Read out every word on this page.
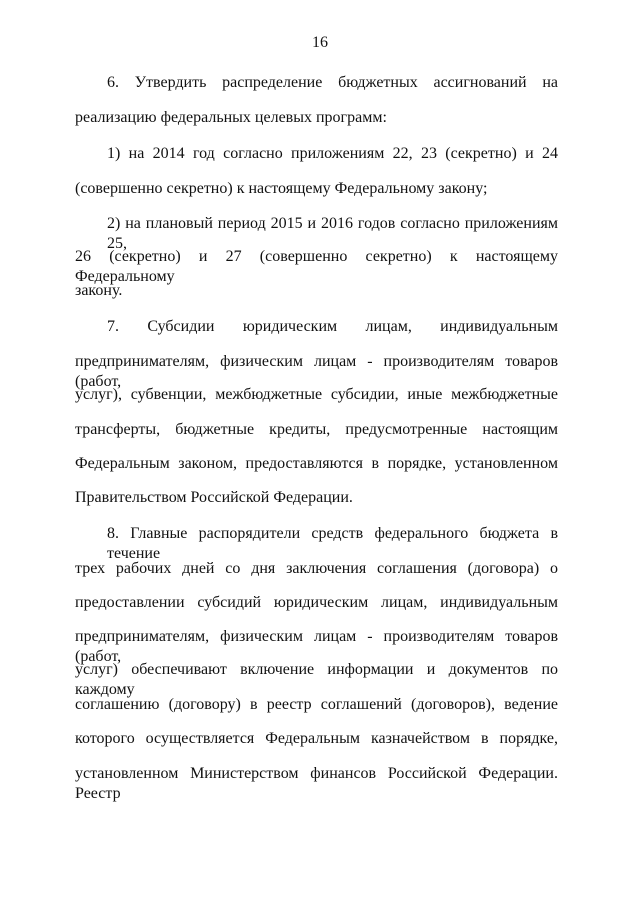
16
6. Утвердить распределение бюджетных ассигнований на
реализацию федеральных целевых программ:
1) на 2014 год согласно приложениям 22, 23 (секретно) и 24
(совершенно секретно) к настоящему Федеральному закону;
2) на плановый период 2015 и 2016 годов согласно приложениям 25,
26 (секретно) и 27 (совершенно секретно) к настоящему Федеральному
закону.
7. Субсидии юридическим лицам, индивидуальным
предпринимателям, физическим лицам - производителям товаров (работ,
услуг), субвенции, межбюджетные субсидии, иные межбюджетные
трансферты, бюджетные кредиты, предусмотренные настоящим
Федеральным законом, предоставляются в порядке, установленном
Правительством Российской Федерации.
8. Главные распорядители средств федерального бюджета в течение
трех рабочих дней со дня заключения соглашения (договора) о
предоставлении субсидий юридическим лицам, индивидуальным
предпринимателям, физическим лицам - производителям товаров (работ,
услуг) обеспечивают включение информации и документов по каждому
соглашению (договору) в реестр соглашений (договоров), ведение
которого осуществляется Федеральным казначейством в порядке,
установленном Министерством финансов Российской Федерации. Реестр
